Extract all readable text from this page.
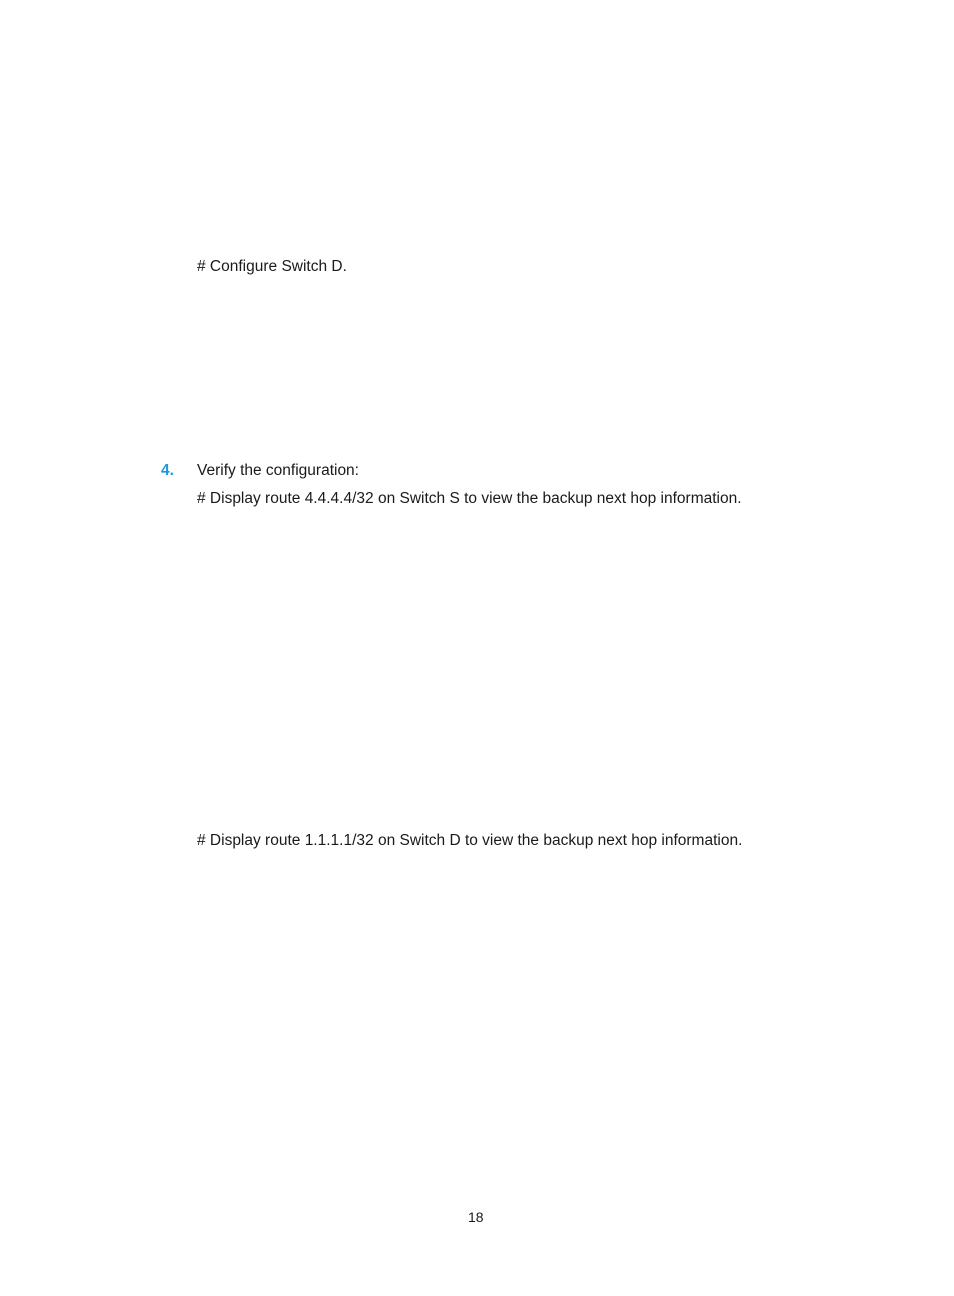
# Configure Switch D.
4. Verify the configuration:
# Display route 4.4.4.4/32 on Switch S to view the backup next hop information.
# Display route 1.1.1.1/32 on Switch D to view the backup next hop information.
18
